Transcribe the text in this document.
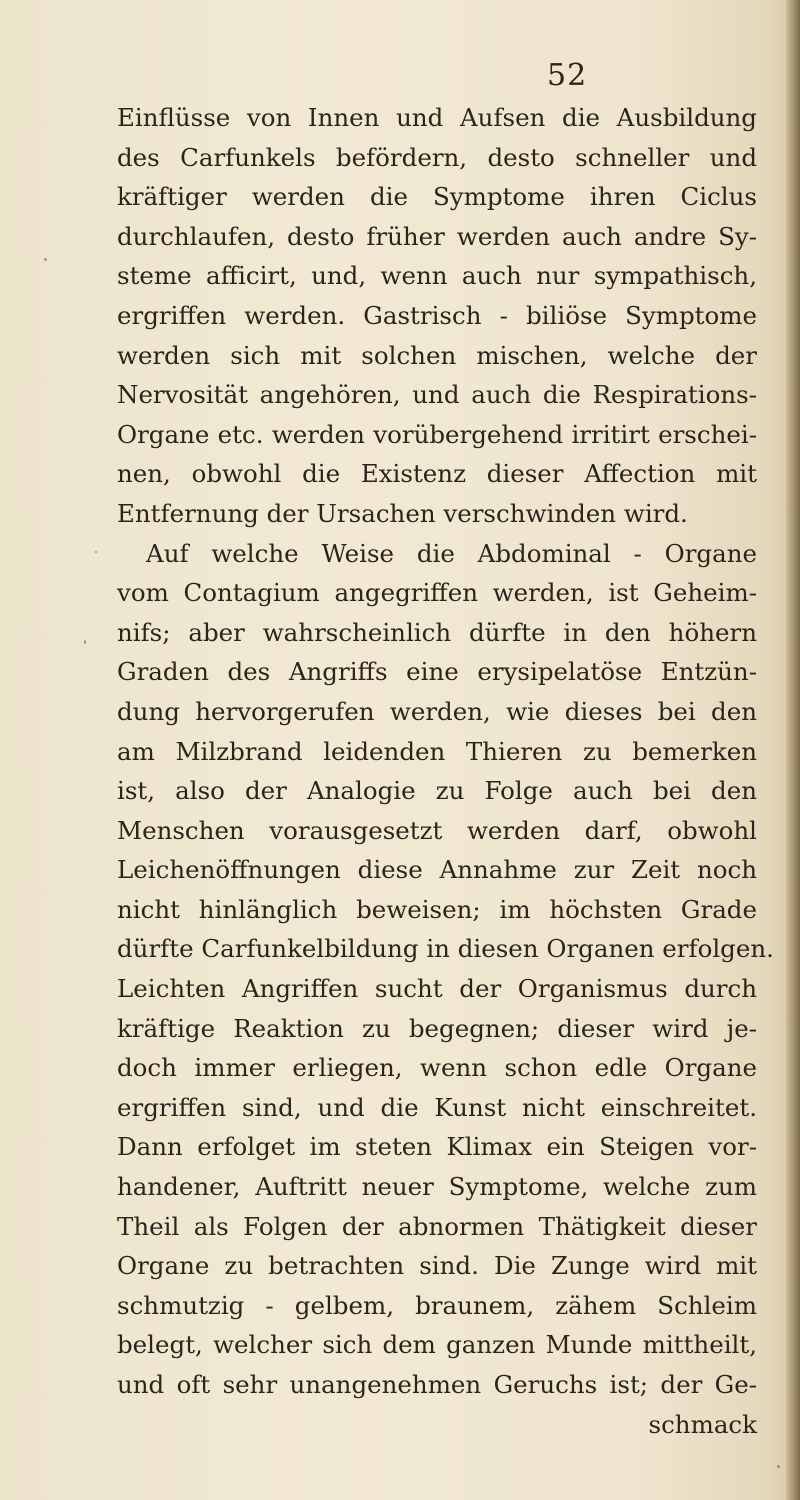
52
Einflüsse von Innen und Aufsen die Ausbildung
des Carfunkels befördern, desto schneller und
kräftiger werden die Symptome ihren Ciclus
durchlaufen, desto früher werden auch andre Sy-
steme afficirt, und, wenn auch nur sympathisch,
ergriffen werden. Gastrisch - biliöse Symptome
werden sich mit solchen mischen, welche der
Nervosität angehören, und auch die Respirations-
Organe etc. werden vorübergehend irritirt erschei-
nen, obwohl die Existenz dieser Affection mit
Entfernung der Ursachen verschwinden wird.
Auf welche Weise die Abdominal - Organe
vom Contagium angegriffen werden, ist Geheim-
nifs; aber wahrscheinlich dürfte in den höhern
Graden des Angriffs eine erysipelatöse Entzün-
dung hervorgerufen werden, wie dieses bei den
am Milzbrand leidenden Thieren zu bemerken
ist, also der Analogie zu Folge auch bei den
Menschen vorausgesetzt werden darf, obwohl
Leichenöffnungen diese Annahme zur Zeit noch
nicht hinlänglich beweisen; im höchsten Grade
dürfte Carfunkelbildung in diesen Organen erfolgen.
Leichten Angriffen sucht der Organismus durch
kräftige Reaktion zu begegnen; dieser wird je-
doch immer erliegen, wenn schon edle Organe
ergriffen sind, und die Kunst nicht einschreitet.
Dann erfolget im steten Klimax ein Steigen vor-
handener, Auftritt neuer Symptome, welche zum
Theil als Folgen der abnormen Thätigkeit dieser
Organe zu betrachten sind. Die Zunge wird mit
schmutzig - gelbem, braunem, zähem Schleim
belegt, welcher sich dem ganzen Munde mittheilt,
und oft sehr unangenehmen Geruchs ist; der Ge-
schmack
